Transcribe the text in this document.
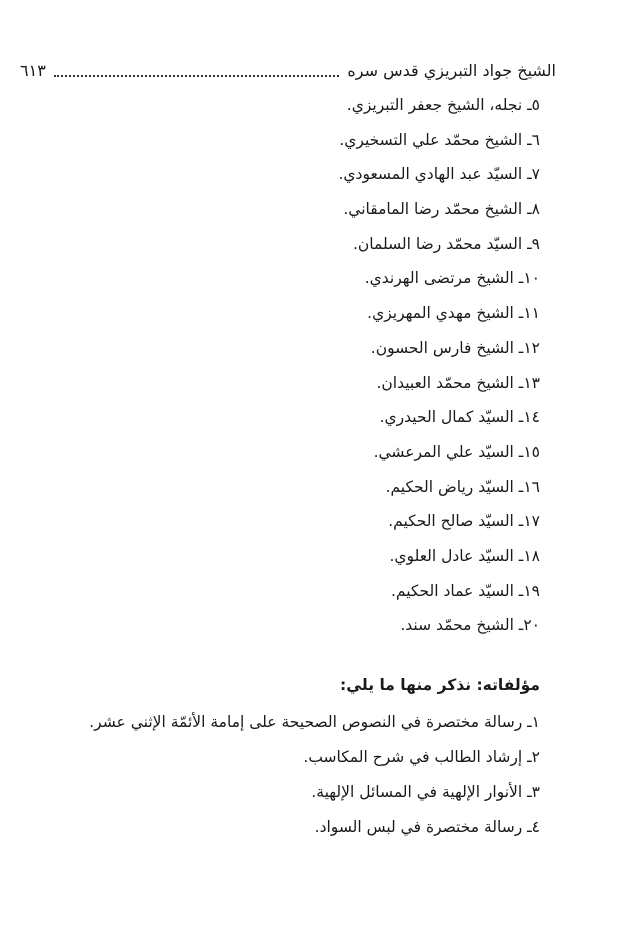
الشيخ جواد التبريزي قدس سره
٦١٣
٥ـ نجله، الشيخ جعفر التبريزي.
٦ـ الشيخ محمّد علي التسخيري.
٧ـ السيّد عبد الهادي المسعودي.
٨ـ الشيخ محمّد رضا المامقاني.
٩ـ السيّد محمّد رضا السلمان.
١٠ـ الشيخ مرتضى الهرندي.
١١ـ الشيخ مهدي المهريزي.
١٢ـ الشيخ فارس الحسون.
١٣ـ الشيخ محمّد العبيدان.
١٤ـ السيّد كمال الحيدري.
١٥ـ السيّد علي المرعشي.
١٦ـ السيّد رياض الحكيم.
١٧ـ السيّد صالح الحكيم.
١٨ـ السيّد عادل العلوي.
١٩ـ السيّد عماد الحكيم.
٢٠ـ الشيخ محمّد سند.
مؤلفاته: نذكر منها ما يلي:
١ـ رسالة مختصرة في النصوص الصحيحة على إمامة الأئمّة الإثني عشر.
٢ـ إرشاد الطالب في شرح المكاسب.
٣ـ الأنوار الإلهية في المسائل الإلهية.
٤ـ رسالة مختصرة في لبس السواد.
